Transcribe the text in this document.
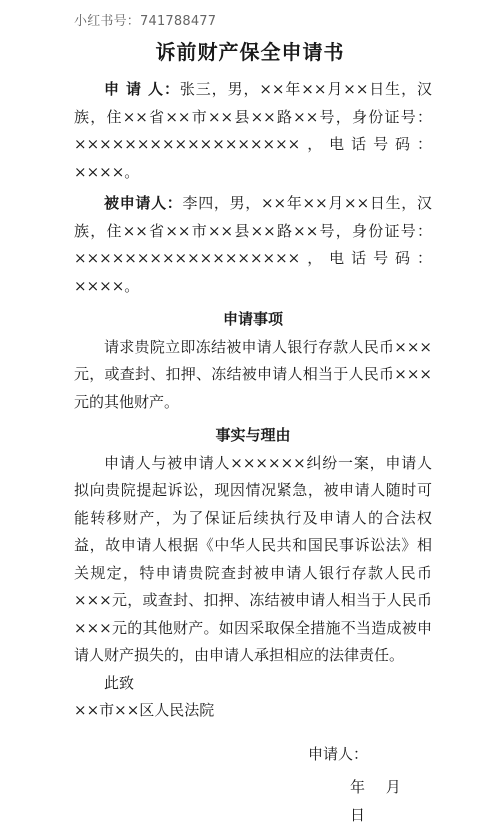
小红书号：741788477
诉前财产保全申请书

申 请 人：张三，男，××年××月××日生，汉族，住××省××市××县××路××号，身份证号：××××××××××××××××××，电话号码：××××。

被申请人：李四，男，××年××月××日生，汉族，住××省××市××县××路××号，身份证号：××××××××××××××××××，电话号码：××××。

申请事项

请求贵院立即冻结被申请人银行存款人民币×××元，或查封、扣押、冻结被申请人相当于人民币×××元的其他财产。

事实与理由

申请人与被申请人××××××纠纷一案，申请人拟向贵院提起诉讼，现因情况紧急，被申请人随时可能转移财产，为了保证后续执行及申请人的合法权益，故申请人根据《中华人民共和国民事诉讼法》相关规定，特申请贵院查封被申请人银行存款人民币×××元，或查封、扣押、冻结被申请人相当于人民币×××元的其他财产。如因采取保全措施不当造成被申请人财产损失的，由申请人承担相应的法律责任。

此致

××市××区人民法院

申请人：

年 月 日
